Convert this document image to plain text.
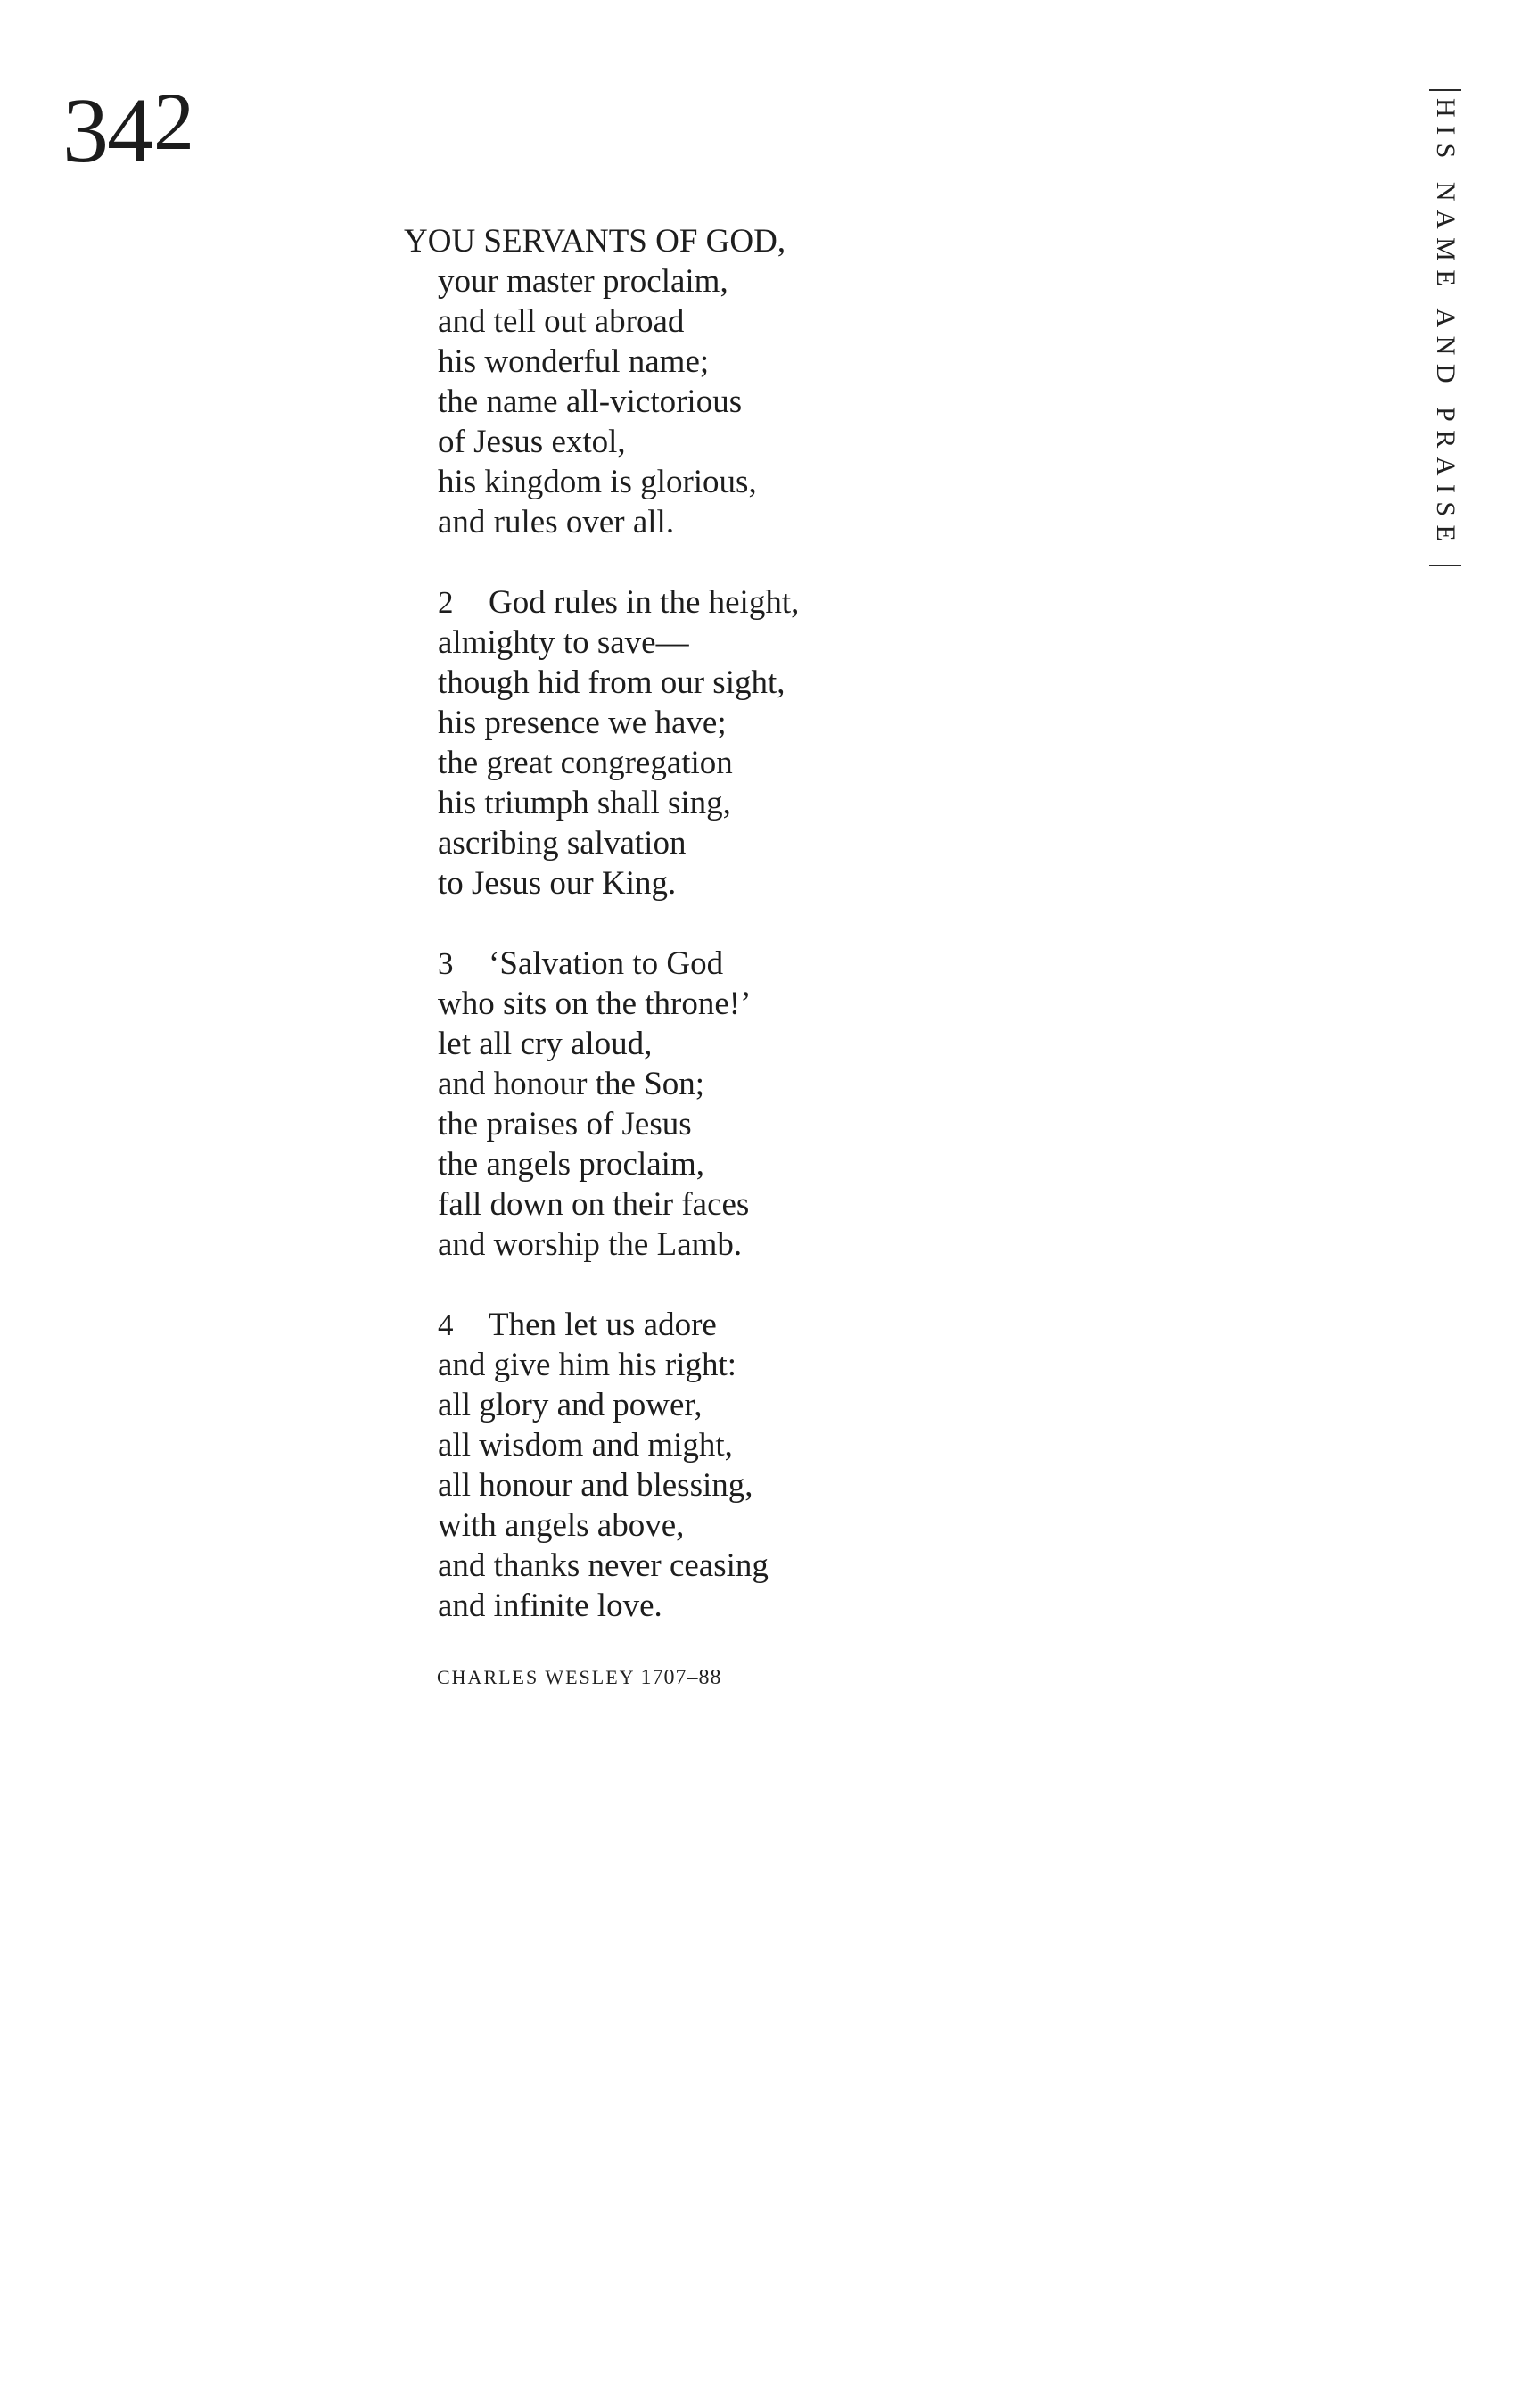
342	HIS NAME AND PRAISE
YOU SERVANTS OF GOD,
your master proclaim,
and tell out abroad
his wonderful name;
the name all-victorious
of Jesus extol,
his kingdom is glorious,
and rules over all.
2 God rules in the height,
almighty to save—
though hid from our sight,
his presence we have;
the great congregation
his triumph shall sing,
ascribing salvation
to Jesus our King.
3 ‘Salvation to God
who sits on the throne!’
let all cry aloud,
and honour the Son;
the praises of Jesus
the angels proclaim,
fall down on their faces
and worship the Lamb.
4 Then let us adore
and give him his right:
all glory and power,
all wisdom and might,
all honour and blessing,
with angels above,
and thanks never ceasing
and infinite love.
CHARLES WESLEY 1707–88
